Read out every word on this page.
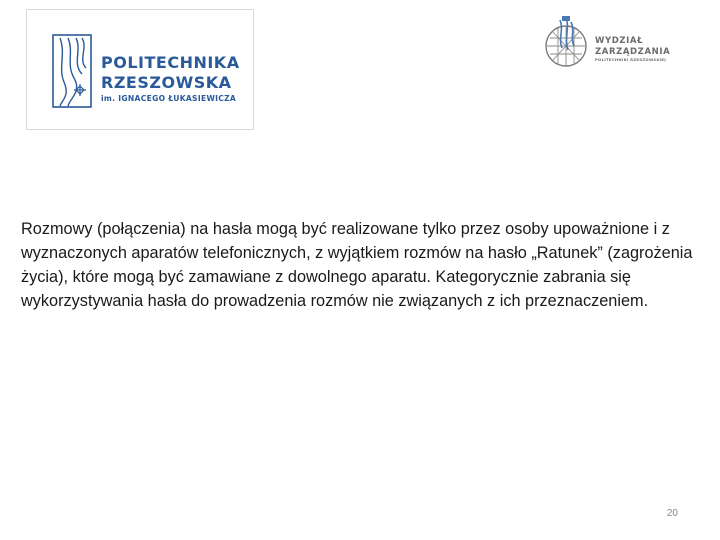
POLITECHNIKA
RZESZOWSKA
im. IGNACEGO ŁUKASIEWICZA
WYDZIAŁ
ZARZĄDZANIA
POLITECHNIKI RZESZOWSKIEJ

Rozmowy (połączenia) na hasła mogą być realizowane tylko przez osoby upoważnione i z wyznaczonych aparatów telefonicznych, z wyjątkiem rozmów na hasło „Ratunek” (zagrożenia życia), które mogą być zamawiane z dowolnego aparatu. Kategorycznie zabrania się wykorzystywania hasła do prowadzenia rozmów nie związanych z ich przeznaczeniem.

20
